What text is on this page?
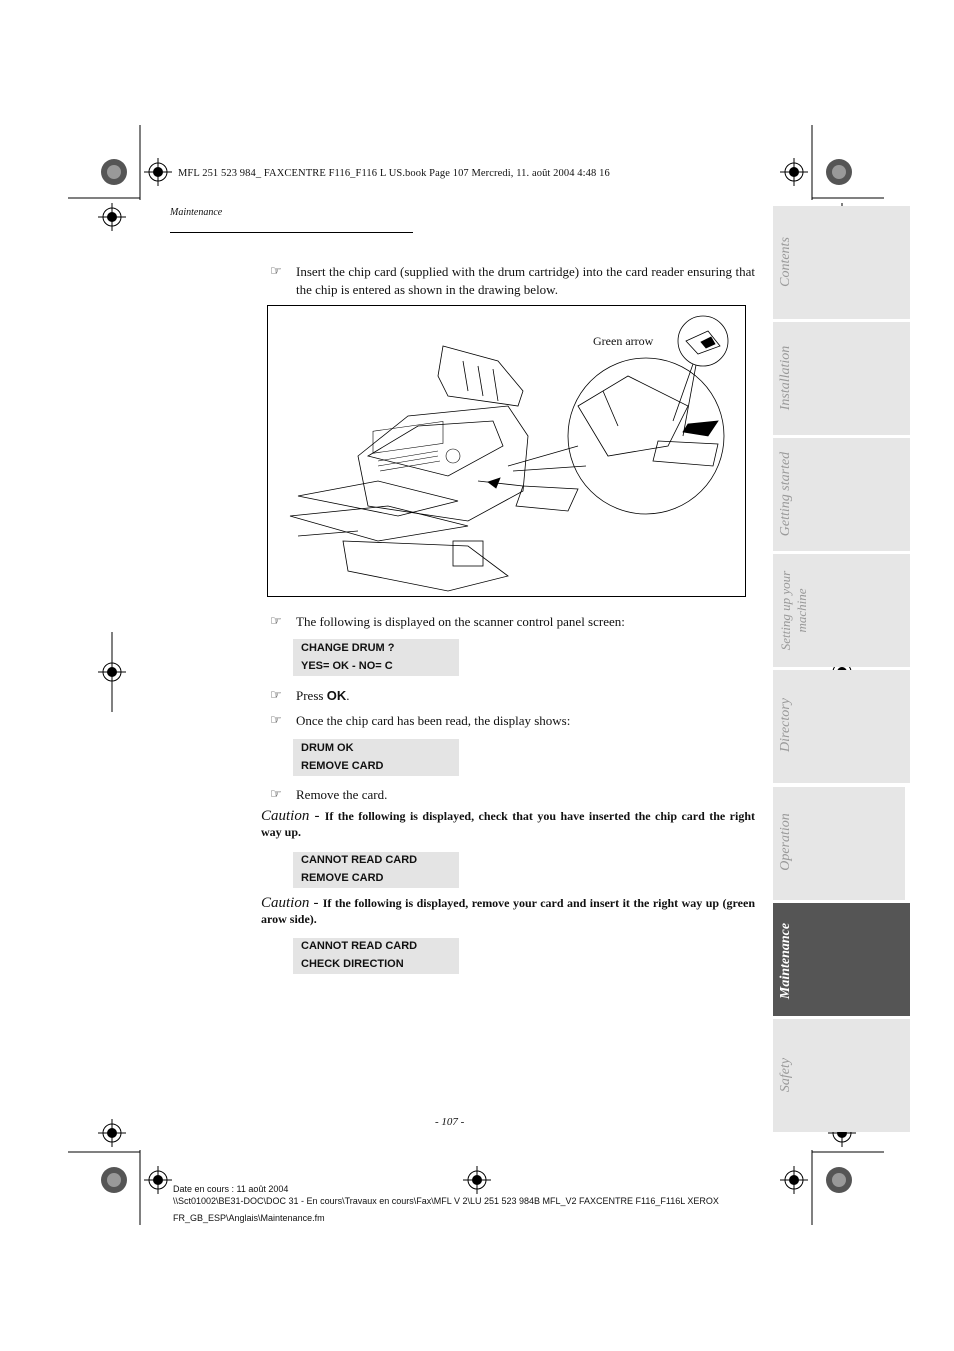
MFL 251 523 984_ FAXCENTRE F116_F116 L US.book Page 107 Mercredi, 11. août 2004 4:48 16
Maintenance
☞ Insert the chip card (supplied with the drum cartridge) into the card reader ensuring that the chip is entered as shown in the drawing below.
Green arrow
☞ The following is displayed on the scanner control panel screen:
CHANGE DRUM ?
YES= OK - NO= C
☞ Press OK.
☞ Once the chip card has been read, the display shows:
DRUM OK
REMOVE CARD
☞ Remove the card.
Caution - If the following is displayed, check that you have inserted the chip card the right way up.
CANNOT READ CARD
REMOVE CARD
Caution - If the following is displayed, remove your card and insert it the right way up (green arow side).
CANNOT READ CARD
CHECK DIRECTION
Contents
Installation
Getting started
Setting up your machine
Directory
Operation
Maintenance
Safety
- 107 -
Date en cours : 11 août 2004
\\Sct01002\BE31-DOC\DOC 31 - En cours\Travaux en cours\Fax\MFL V 2\LU 251 523 984B MFL_V2 FAXCENTRE F116_F116L XEROX
FR_GB_ESP\Anglais\Maintenance.fm
